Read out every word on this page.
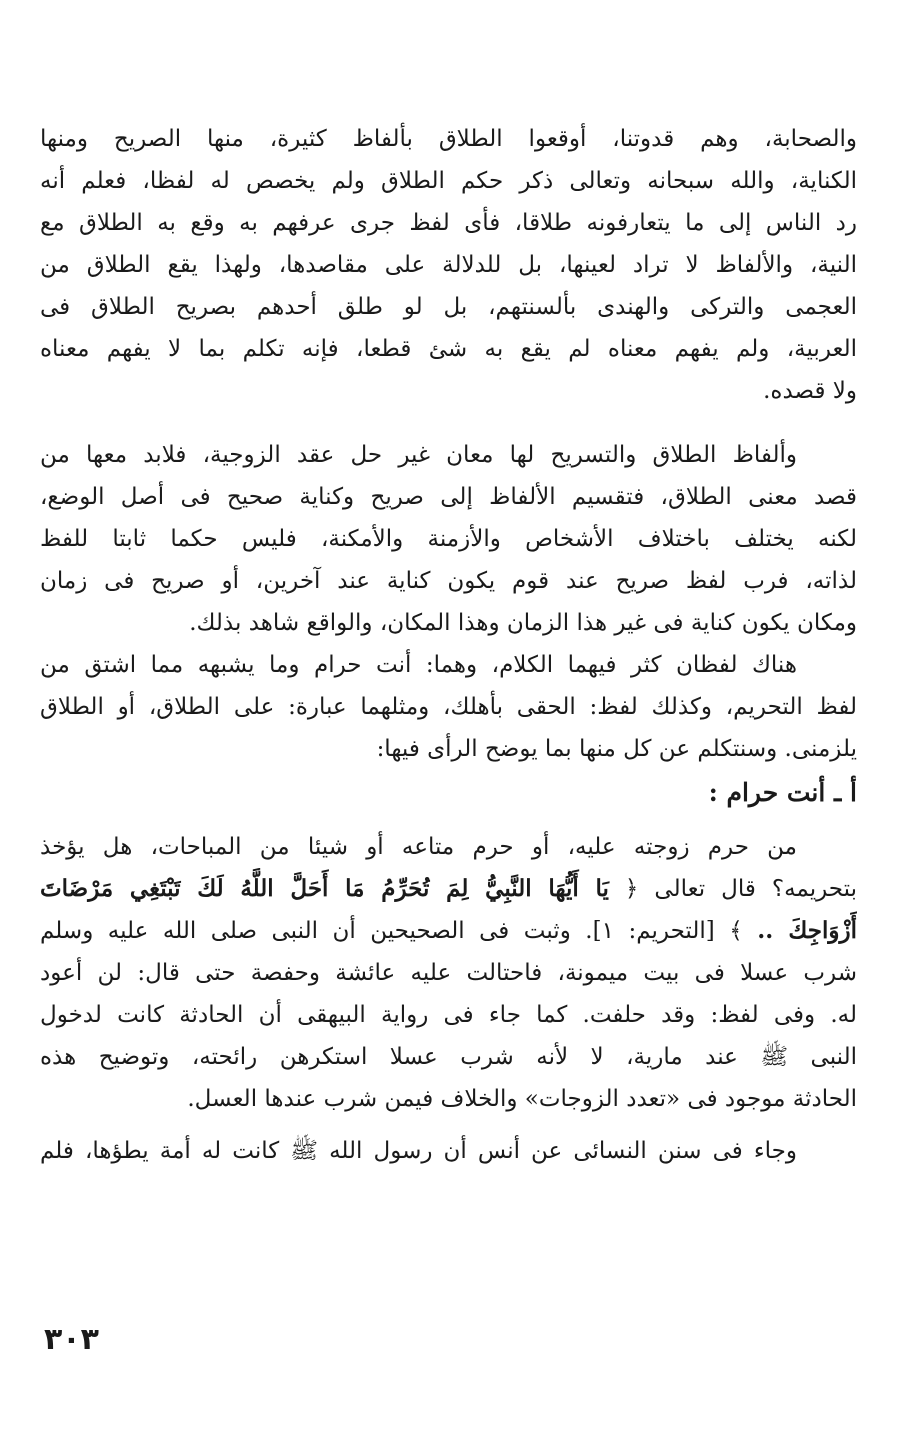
والصحابة، وهم قدوتنا، أوقعوا الطلاق بألفاظ كثيرة، منها الصريح ومنها
الكناية، والله سبحانه وتعالى ذكر حكم الطلاق ولم يخصص له لفظا، فعلم أنه
رد الناس إلى ما يتعارفونه طلاقا، فأى لفظ جرى عرفهم به وقع به الطلاق مع
النية، والألفاظ لا تراد لعينها، بل للدلالة على مقاصدها، ولهذا يقع الطلاق من
العجمى والتركى والهندى بألسنتهم، بل لو طلق أحدهم بصريح الطلاق فى
العربية، ولم يفهم معناه لم يقع به شئ قطعا، فإنه تكلم بما لا يفهم معناه
ولا قصده.
وألفاظ الطلاق والتسريح لها معان غير حل عقد الزوجية، فلابد معها من
قصد معنى الطلاق، فتقسيم الألفاظ إلى صريح وكناية صحيح فى أصل الوضع،
لكنه يختلف باختلاف الأشخاص والأزمنة والأمكنة، فليس حكما ثابتا للفظ
لذاته، فرب لفظ صريح عند قوم يكون كناية عند آخرين، أو صريح فى زمان
ومكان يكون كناية فى غير هذا الزمان وهذا المكان، والواقع شاهد بذلك.
هناك لفظان كثر فيهما الكلام، وهما: أنت حرام وما يشبهه مما اشتق من
لفظ التحريم، وكذلك لفظ: الحقى بأهلك، ومثلهما عبارة: على الطلاق، أو الطلاق
يلزمنى. وسنتكلم عن كل منها بما يوضح الرأى فيها:
أ ـ أنت حرام :
من حرم زوجته عليه، أو حرم متاعه أو شيئا من المباحات، هل يؤخذ
بتحريمه؟ قال تعالى ﴿ يَا أَيُّهَا النَّبِيُّ لِمَ تُحَرِّمُ مَا أَحَلَّ اللَّهُ لَكَ تَبْتَغِي مَرْضَاتَ
أَزْوَاجِكَ .. ﴾ [التحريم: ١]. وثبت فى الصحيحين أن النبى صلى الله عليه وسلم
شرب عسلا فى بيت ميمونة، فاحتالت عليه عائشة وحفصة حتى قال: لن أعود
له. وفى لفظ: وقد حلفت. كما جاء فى رواية البيهقى أن الحادثة كانت لدخول
النبى ﷺ عند مارية، لا لأنه شرب عسلا استكرهن رائحته، وتوضيح هذه
الحادثة موجود فى «تعدد الزوجات» والخلاف فيمن شرب عندها العسل.
وجاء فى سنن النسائى عن أنس أن رسول الله ﷺ كانت له أمة يطؤها، فلم
٣٠٣
